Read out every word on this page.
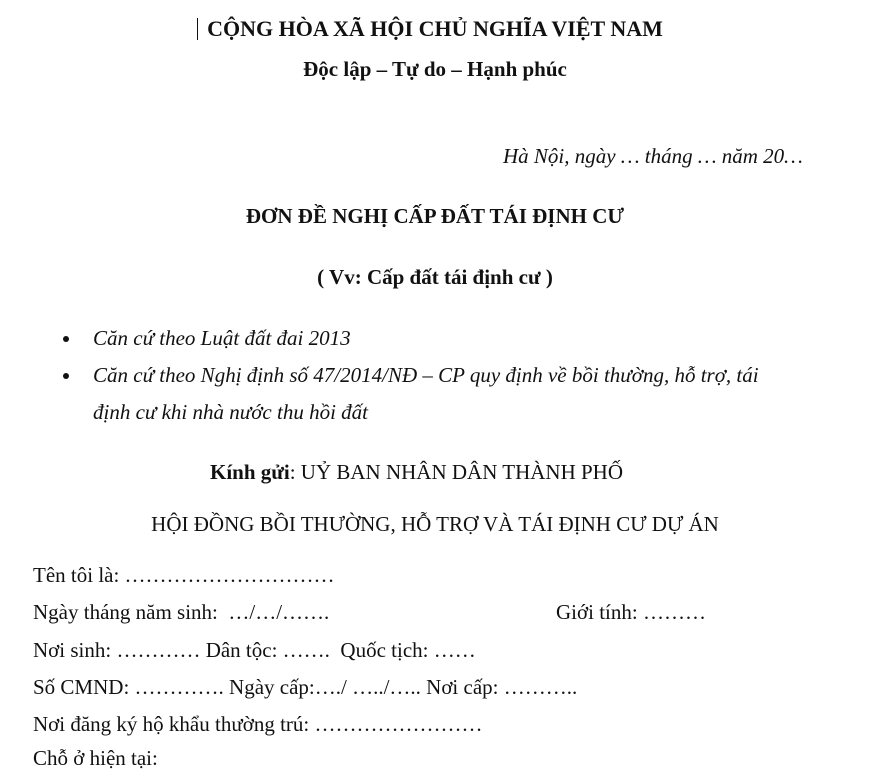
CỘNG HÒA XÃ HỘI CHỦ NGHĨA VIỆT NAM
Độc lập – Tự do – Hạnh phúc
Hà Nội, ngày … tháng … năm 20…
ĐƠN ĐỀ NGHỊ CẤP ĐẤT TÁI ĐỊNH CƯ
( Vv: Cấp đất tái định cư )
Căn cứ theo Luật đất đai 2013
Căn cứ theo Nghị định số 47/2014/NĐ – CP quy định về bồi thường, hỗ trợ, tái
định cư khi nhà nước thu hồi đất
Kính gửi: UỶ BAN NHÂN DÂN THÀNH PHỐ
HỘI ĐỒNG BỒI THƯỜNG, HỖ TRỢ VÀ TÁI ĐỊNH CƯ DỰ ÁN
Tên tôi là: …………………………
Ngày tháng năm sinh:  …/…/…….	Giới tính: ………
Nơi sinh: ………… Dân tộc: …….  Quốc tịch: ……
Số CMND: …………. Ngày cấp:…./ …../….. Nơi cấp: ………..
Nơi đăng ký hộ khẩu thường trú: ……………………
Chỗ ở hiện tại:
